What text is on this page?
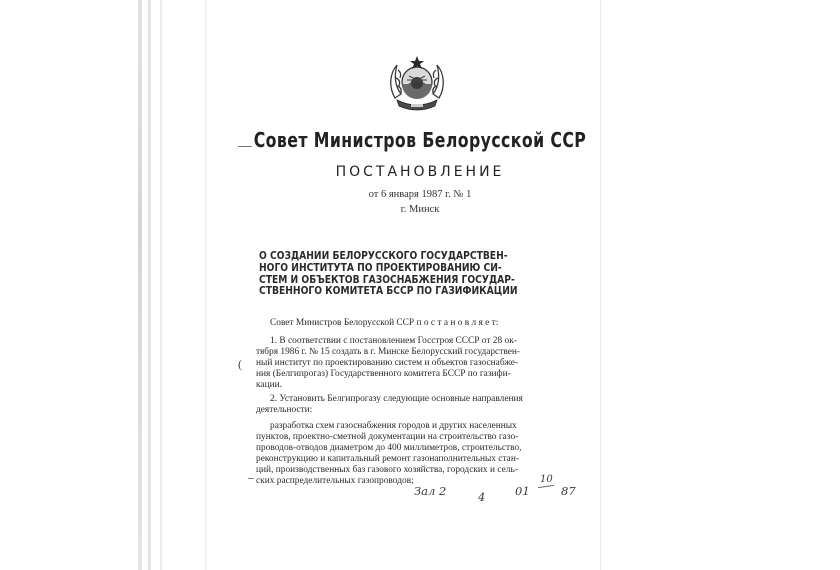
Совет Министров Белорусской ССР
ПОСТАНОВЛЕНИЕ
от 6 января 1987 г. № 1
г. Минск
О СОЗДАНИИ БЕЛОРУССКОГО ГОСУДАРСТВЕН-
НОГО ИНСТИТУТА ПО ПРОЕКТИРОВАНИЮ СИ-
СТЕМ И ОБЪЕКТОВ ГАЗОСНАБЖЕНИЯ ГОСУДАР-
СТВЕННОГО КОМИТЕТА БССР ПО ГАЗИФИКАЦИИ
Совет Министров Белорусской ССР п о с т а н о в л я е т:
1. В соответствии с постановлением Госстроя СССР от 28 ок-
тября 1986 г. № 15 создать в г. Минске Белорусский государствен-
ный институт по проектированию систем и объектов газоснабже-
ния (Белгипрогаз) Государственного комитета БССР по газифи-
кации.
2. Установить Белгипрогазу следующие основные направления
деятельности:
разработка схем газоснабжения городов и других населенных
пунктов, проектно-сметной документации на строительство газо-
проводов-отводов диаметром до 400 миллиметров, строительство,
реконструкцию и капитальный ремонт газонаполнительных стан-
ций, производственных баз газового хозяйства, городских и сель-
ских распределительных газопроводов;
(
Зал 2	4	01
10
87
